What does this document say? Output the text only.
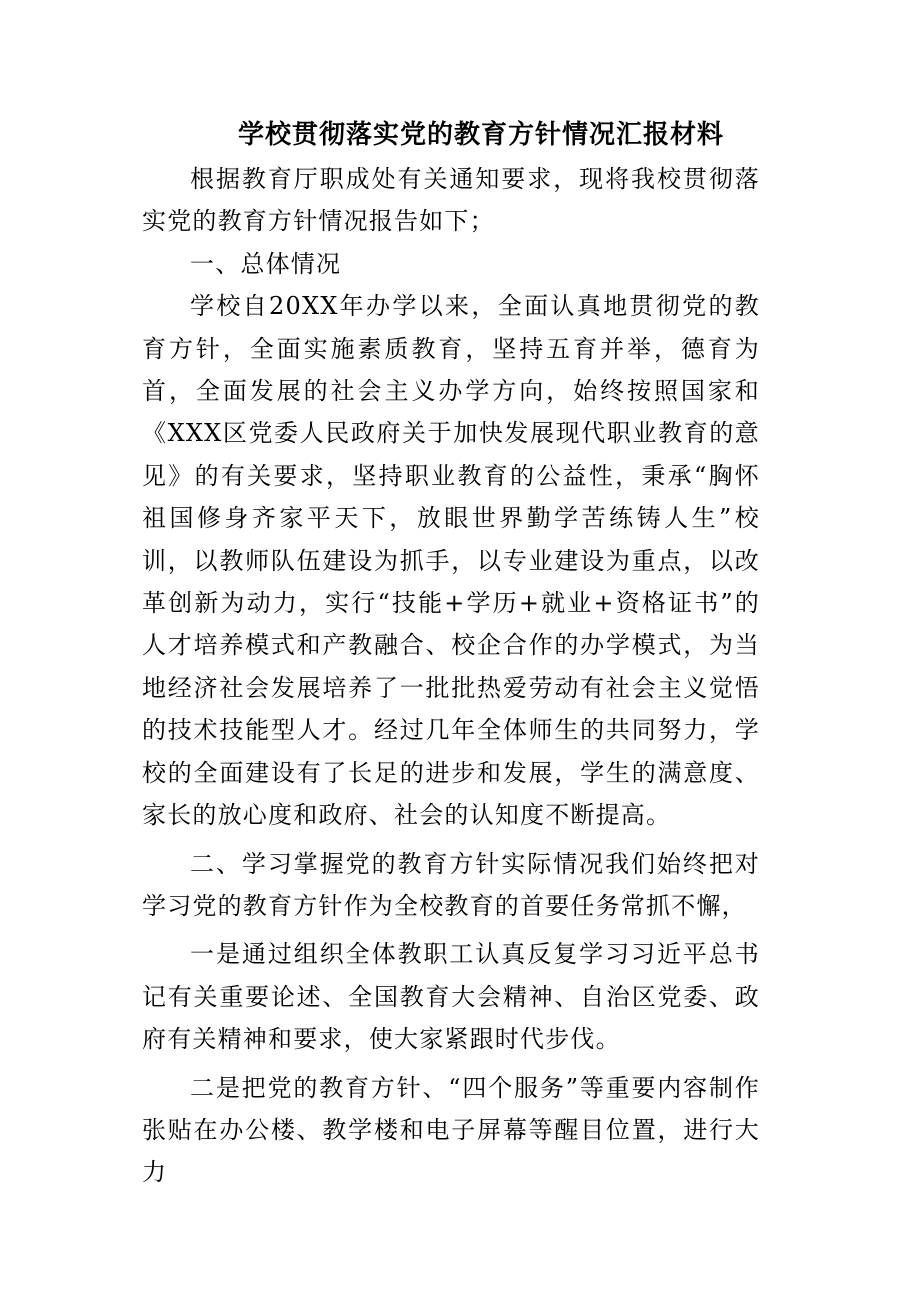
学校贯彻落实党的教育方针情况汇报材料

根据教育厅职成处有关通知要求，现将我校贯彻落实党的教育方针情况报告如下；

一、总体情况

学校自20XX年办学以来，全面认真地贯彻党的教育方针，全面实施素质教育，坚持五育并举，德育为首，全面发展的社会主义办学方向，始终按照国家和《XXX区党委人民政府关于加快发展现代职业教育的意见》的有关要求，坚持职业教育的公益性，秉承“胸怀祖国修身齐家平天下，放眼世界勤学苦练铸人生”校训，以教师队伍建设为抓手，以专业建设为重点，以改革创新为动力，实行“技能+学历+就业+资格证书”的人才培养模式和产教融合、校企合作的办学模式，为当地经济社会发展培养了一批批热爱劳动有社会主义觉悟的技术技能型人才。经过几年全体师生的共同努力，学校的全面建设有了长足的进步和发展，学生的满意度、家长的放心度和政府、社会的认知度不断提高。

二、学习掌握党的教育方针实际情况我们始终把对学习党的教育方针作为全校教育的首要任务常抓不懈，

一是通过组织全体教职工认真反复学习习近平总书记有关重要论述、全国教育大会精神、自治区党委、政府有关精神和要求，使大家紧跟时代步伐。

二是把党的教育方针、“四个服务”等重要内容制作张贴在办公楼、教学楼和电子屏幕等醒目位置，进行大力
